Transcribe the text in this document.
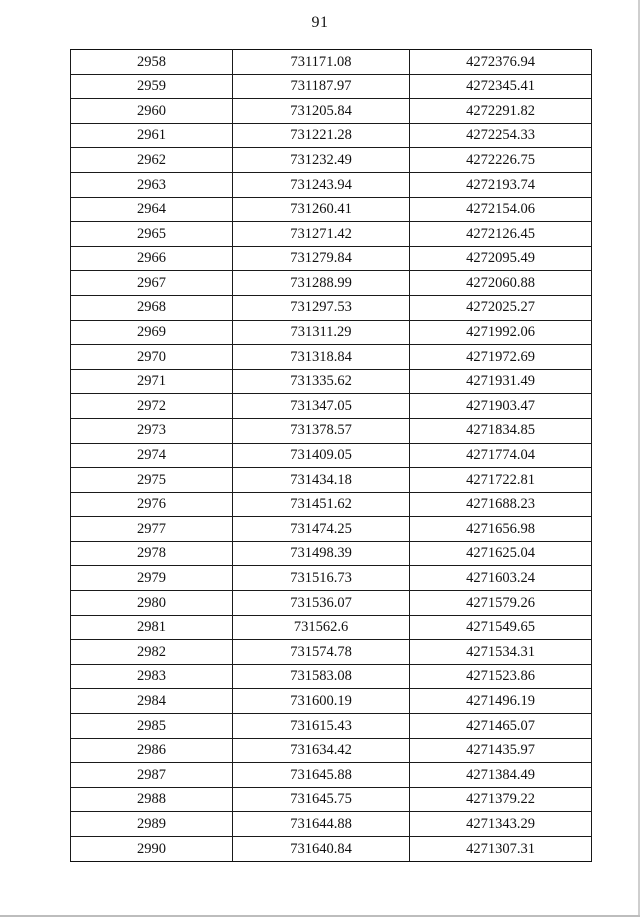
91
2958	731171.08	4272376.94
2959	731187.97	4272345.41
2960	731205.84	4272291.82
2961	731221.28	4272254.33
2962	731232.49	4272226.75
2963	731243.94	4272193.74
2964	731260.41	4272154.06
2965	731271.42	4272126.45
2966	731279.84	4272095.49
2967	731288.99	4272060.88
2968	731297.53	4272025.27
2969	731311.29	4271992.06
2970	731318.84	4271972.69
2971	731335.62	4271931.49
2972	731347.05	4271903.47
2973	731378.57	4271834.85
2974	731409.05	4271774.04
2975	731434.18	4271722.81
2976	731451.62	4271688.23
2977	731474.25	4271656.98
2978	731498.39	4271625.04
2979	731516.73	4271603.24
2980	731536.07	4271579.26
2981	731562.6	4271549.65
2982	731574.78	4271534.31
2983	731583.08	4271523.86
2984	731600.19	4271496.19
2985	731615.43	4271465.07
2986	731634.42	4271435.97
2987	731645.88	4271384.49
2988	731645.75	4271379.22
2989	731644.88	4271343.29
2990	731640.84	4271307.31
